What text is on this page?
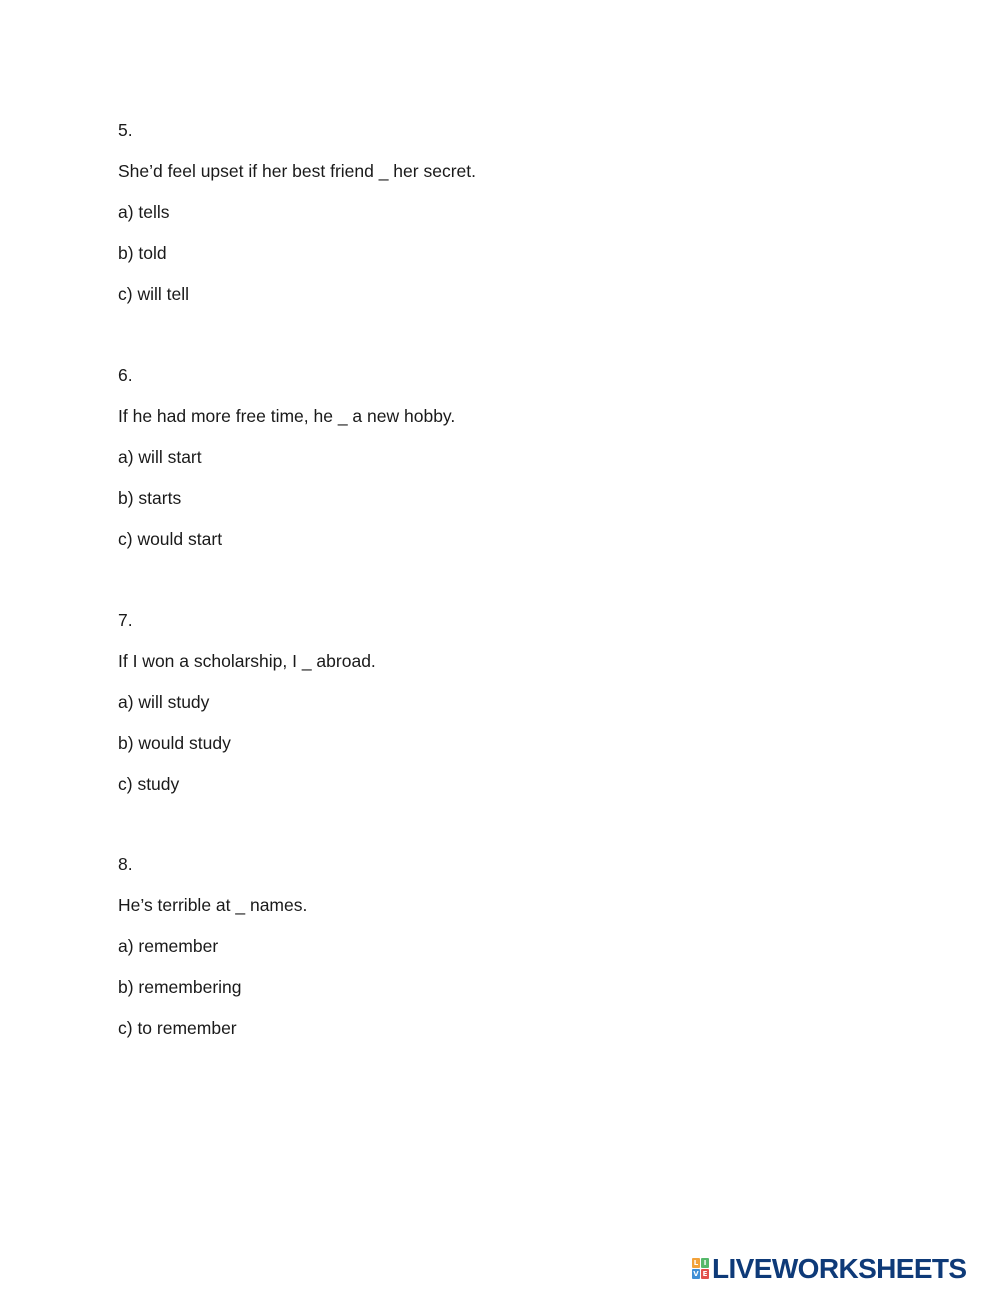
5.
She’d feel upset if her best friend _ her secret.
a) tells
b) told
c) will tell
6.
If he had more free time, he _ a new hobby.
a) will start
b) starts
c) would start
7.
If I won a scholarship, I _ abroad.
a) will study
b) would study
c) study
8.
He’s terrible at _ names.
a) remember
b) remembering
c) to remember
L I
V E LIVEWORKSHEETS
